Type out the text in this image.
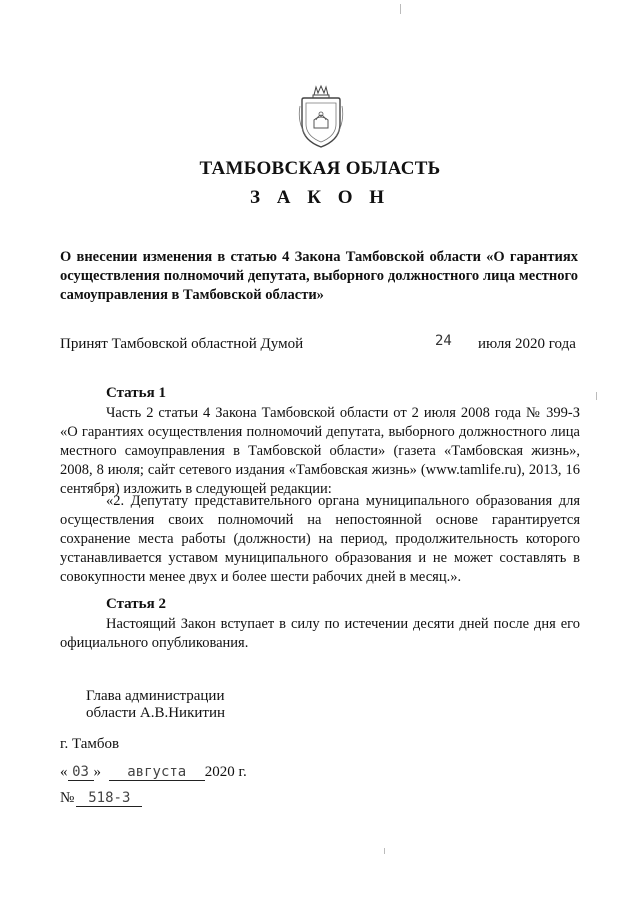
ТАМБОВСКАЯ ОБЛАСТЬ
З А К О Н
О внесении изменения в статью 4 Закона Тамбовской области «О гарантиях осуществления полномочий депутата, выборного должностного лица местного самоуправления в Тамбовской области»
Принят Тамбовской областной Думой	24 июля 2020 года
Статья 1

Часть 2 статьи 4 Закона Тамбовской области от 2 июля 2008 года № 399-З «О гарантиях осуществления полномочий депутата, выборного должностного лица местного самоуправления в Тамбовской области» (газета «Тамбовская жизнь», 2008, 8 июля; сайт сетевого издания «Тамбовская жизнь» (www.tamlife.ru), 2013, 16 сентября) изложить в следующей редакции:

«2. Депутату представительного органа муниципального образования для осуществления своих полномочий на непостоянной основе гарантируется сохранение места работы (должности) на период, продолжительность которого устанавливается уставом муниципального образования и не может составлять в совокупности менее двух и более шести рабочих дней в месяц.».

Статья 2

Настоящий Закон вступает в силу по истечении десяти дней после дня его официального опубликования.

Глава администрации
области А.В.Никитин
г. Тамбов
« 03 » августа 2020 г.
№ 518-З
